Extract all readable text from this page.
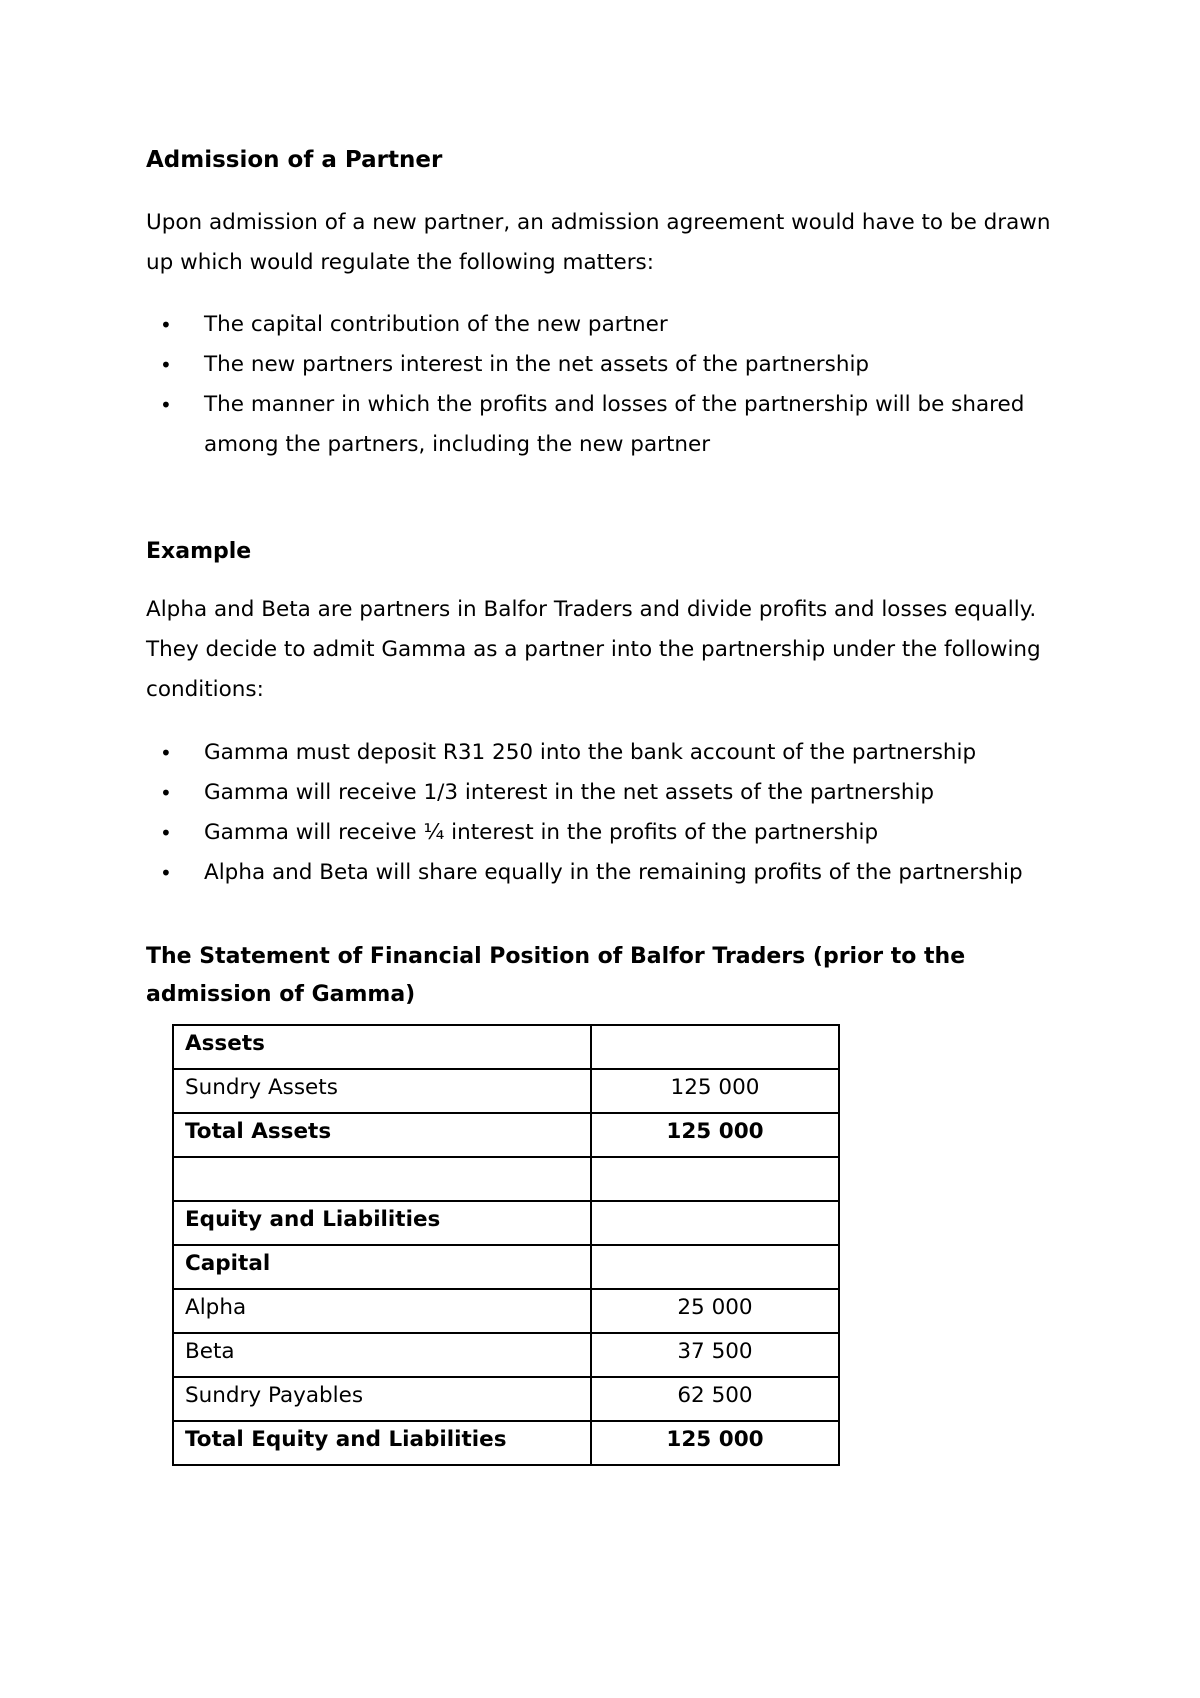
Admission of a Partner

Upon admission of a new partner, an admission agreement would have to be drawn up which would regulate the following matters:

• The capital contribution of the new partner
• The new partners interest in the net assets of the partnership
• The manner in which the profits and losses of the partnership will be shared among the partners, including the new partner
Example

Alpha and Beta are partners in Balfor Traders and divide profits and losses equally. They decide to admit Gamma as a partner into the partnership under the following conditions:

• Gamma must deposit R31 250 into the bank account of the partnership
• Gamma will receive 1/3 interest in the net assets of the partnership
• Gamma will receive ¼ interest in the profits of the partnership
• Alpha and Beta will share equally in the remaining profits of the partnership
The Statement of Financial Position of Balfor Traders (prior to the admission of Gamma)
Assets	
Sundry Assets	125 000
Total Assets	125 000

Equity and Liabilities	
Capital	
Alpha	25 000
Beta	37 500
Sundry Payables	62 500
Total Equity and Liabilities	125 000
